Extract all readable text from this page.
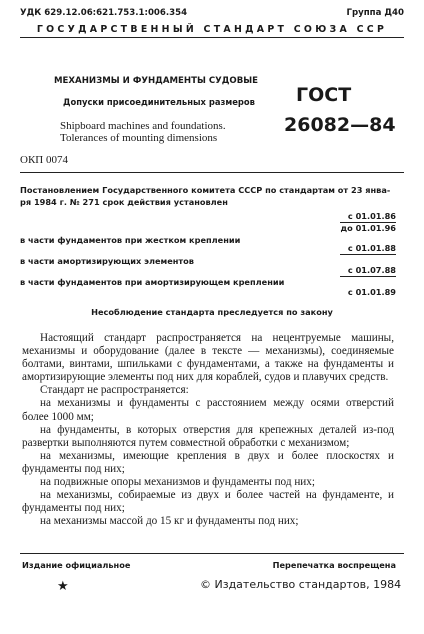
УДК 629.12.06:621.753.1:006.354	Группа Д40
ГОСУДАРСТВЕННЫЙ СТАНДАРТ СОЮЗА ССР
МЕХАНИЗМЫ И ФУНДАМЕНТЫ СУДОВЫЕ
Допуски присоединительных размеров
Shipboard machines and foundations.
Tolerances of mounting dimensions
ГОСТ
26082—84
ОКП 0074
Постановлением Государственного комитета СССР по стандартам от 23 янва-
ря 1984 г. № 271 срок действия установлен
с 01.01.86
до 01.01.96
в части фундаментов при жестком креплении
с 01.01.88
в части амортизирующих элементов
с 01.07.88
в части фундаментов при амортизирующем креплении
с 01.01.89
Несоблюдение стандарта преследуется по закону

Настоящий стандарт распространяется на нецентруемые машины, механизмы и оборудование (далее в тексте — механизмы), соединяемые болтами, винтами, шпильками с фундаментами, а также на фундаменты и амортизирующие элементы под них для кораблей, судов и плавучих средств.

Стандарт не распространяется:

на механизмы и фундаменты с расстоянием между осями отверстий более 1000 мм;

на фундаменты, в которых отверстия для крепежных деталей из-под развертки выполняются путем совместной обработки с механизмом;

на механизмы, имеющие крепления в двух и более плоскостях и фундаменты под них;

на подвижные опоры механизмов и фундаменты под них;

на механизмы, собираемые из двух и более частей на фундаменте, и фундаменты под них;

на механизмы массой до 15 кг и фундаменты под них;

Издание официальное	Перепечатка воспрещена
★	© Издательство стандартов, 1984
